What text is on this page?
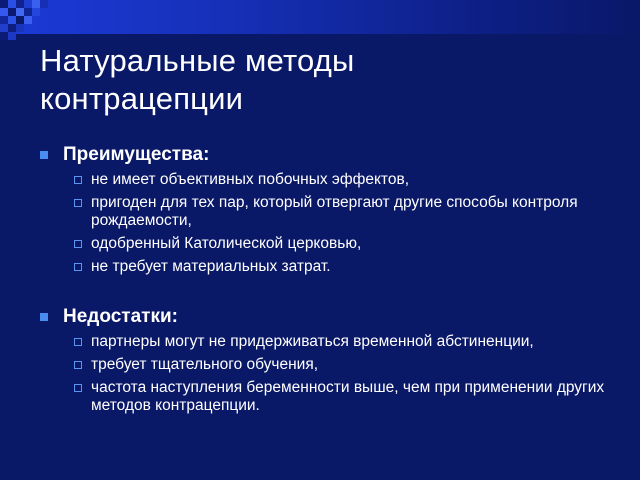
Натуральные методы
контрацепции
Преимущества:
не имеет объективных побочных эффектов,
пригоден для тех пар, который отвергают другие способы контроля рождаемости,
одобренный Католической церковью,
не требует материальных затрат.
Недостатки:
партнеры могут не придерживаться временной абстиненции,
требует тщательного обучения,
частота наступления беременности выше, чем при применении других методов контрацепции.
